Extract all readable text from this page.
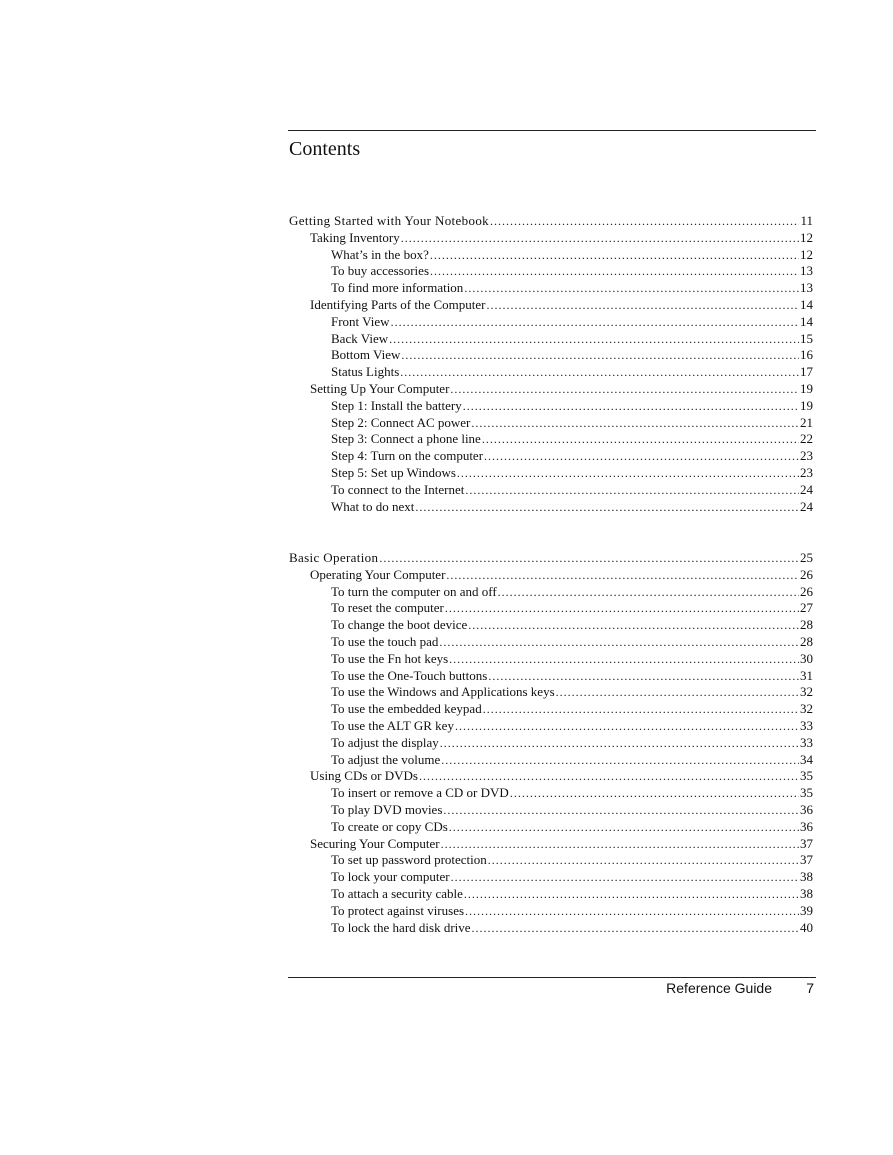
Contents
Getting Started with Your Notebook .....	11
Taking Inventory .....	12
What’s in the box? .....	12
To buy accessories .....	13
To find more information .....	13
Identifying Parts of the Computer .....	14
Front View .....	14
Back View .....	15
Bottom View .....	16
Status Lights .....	17
Setting Up Your Computer .....	19
Step 1: Install the battery .....	19
Step 2: Connect AC power .....	21
Step 3: Connect a phone line .....	22
Step 4: Turn on the computer .....	23
Step 5: Set up Windows .....	23
To connect to the Internet .....	24
What to do next .....	24
Basic Operation .....	25
Operating Your Computer .....	26
To turn the computer on and off .....	26
To reset the computer .....	27
To change the boot device .....	28
To use the touch pad .....	28
To use the Fn hot keys .....	30
To use the One-Touch buttons .....	31
To use the Windows and Applications keys .....	32
To use the embedded keypad .....	32
To use the ALT GR key .....	33
To adjust the display .....	33
To adjust the volume .....	34
Using CDs or DVDs .....	35
To insert or remove a CD or DVD .....	35
To play DVD movies .....	36
To create or copy CDs .....	36
Securing Your Computer .....	37
To set up password protection .....	37
To lock your computer .....	38
To attach a security cable .....	38
To protect against viruses .....	39
To lock the hard disk drive .....	40
Reference Guide	7
